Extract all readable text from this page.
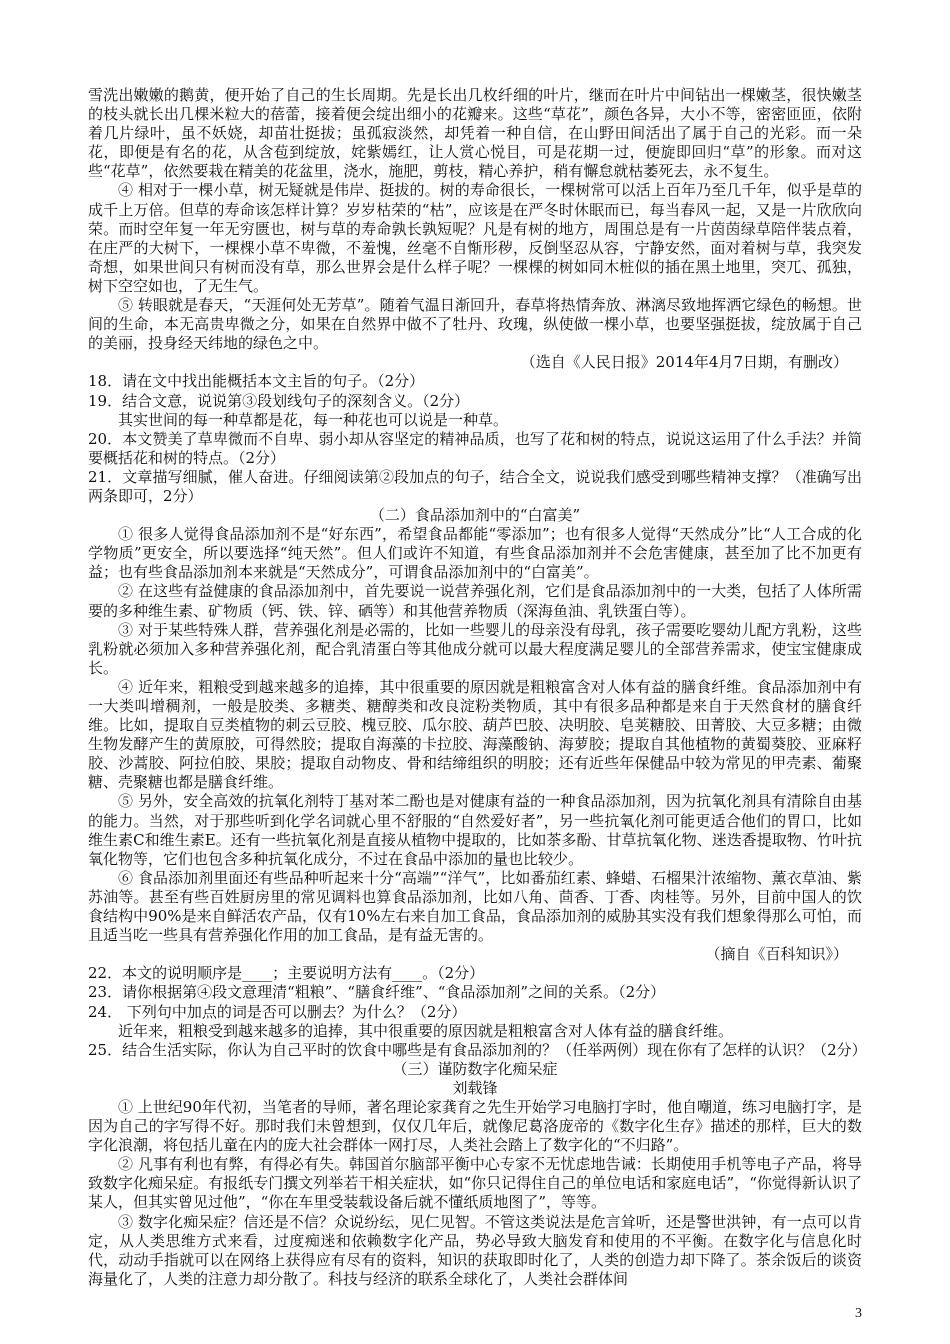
雪洗出嫩嫩的鹅黄，便开始了自己的生长周期。先是长出几枚纤细的叶片，继而在叶片中间钻出一棵嫩茎，很快嫩茎的枝头就长出几棵米粒大的蓓蕾，接着便会绽出细小的花瓣来。这些“草花”，颜色各异，大小不等，密密匝匝，依附着几片绿叶，虽不妖娆，却苗壮挺拔；虽孤寂淡然，却凭着一种自信，在山野田间活出了属于自己的光彩。而一朵花，即便是有名的花，从含苞到绽放，姹紫嫣红，让人赏心悦目，可是花期一过，便旋即回归“草”的形象。而对这些“花草”，依然要栽在精美的花盆里，浇水，施肥，剪枝，精心养护，稍有懈怠就枯萎死去，永不复生。

④ 相对于一棵小草，树无疑就是伟岸、挺拔的。树的寿命很长，一棵树常可以活上百年乃至几千年，似乎是草的成千上万倍。但草的寿命该怎样计算？岁岁枯荣的“枯”，应该是在严冬时休眠而已，每当春风一起，又是一片欣欣向荣。而时空年复一年无穷匮也，树与草的寿命孰长孰短呢？凡是有树的地方，周围总是有一片茵茵绿草陪伴装点着，在庄严的大树下，一棵棵小草不卑微，不羞愧，丝毫不自惭形秽，反倒坚忍从容，宁静安然，面对着树与草，我突发奇想，如果世间只有树而没有草，那么世界会是什么样子呢？一棵棵的树如同木桩似的插在黑土地里，突兀、孤独，树下空空如也，了无生气。

⑤ 转眼就是春天，“天涯何处无芳草”。随着气温日渐回升，春草将热情奔放、淋漓尽致地挥洒它绿色的畅想。世间的生命，本无高贵卑微之分，如果在自然界中做不了牡丹、玫瑰，纵使做一棵小草，也要坚强挺拔，绽放属于自己的美丽，投身经天纬地的绿色之中。

（选自《人民日报》2014年4月7日期，有删改）

18．请在文中找出能概括本文主旨的句子。（2分）

19．结合文意，说说第③段划线句子的深刻含义。（2分）

其实世间的每一种草都是花，每一种花也可以说是一种草。

20．本文赞美了草卑微而不自卑、弱小却从容坚定的精神品质，也写了花和树的特点，说说这运用了什么手法？并简要概括花和树的特点。（2分）

21．文章描写细腻，催人奋进。仔细阅读第②段加点的句子，结合全文，说说我们感受到哪些精神支撑？（准确写出两条即可，2分）

（二）食品添加剂中的“白富美”

① 很多人觉得食品添加剂不是“好东西”，希望食品都能“零添加”；也有很多人觉得“天然成分”比“人工合成的化学物质”更安全，所以要选择“纯天然”。但人们或许不知道，有些食品添加剂并不会危害健康，甚至加了比不加更有益；也有些食品添加剂本来就是“天然成分”，可谓食品添加剂中的“白富美”。

② 在这些有益健康的食品添加剂中，首先要说一说营养强化剂，它们是食品添加剂中的一大类，包括了人体所需要的多种维生素、矿物质（钙、铁、锌、硒等）和其他营养物质（深海鱼油、乳铁蛋白等）。

③ 对于某些特殊人群，营养强化剂是必需的，比如一些婴儿的母亲没有母乳，孩子需要吃婴幼儿配方乳粉，这些乳粉就必须加入多种营养强化剂，配合乳清蛋白等其他成分就可以最大程度满足婴儿的全部营养需求，使宝宝健康成长。

④ 近年来，粗粮受到越来越多的追捧，其中很重要的原因就是粗粮富含对人体有益的膳食纤维。食品添加剂中有一大类叫增稠剂，一般是胶类、多糖类、糖醇类和改良淀粉类物质，其中有很多品种都是来自于天然食材的膳食纤维。比如，提取自豆类植物的刺云豆胶、槐豆胶、瓜尔胶、葫芦巴胶、决明胶、皂荚糖胶、田菁胶、大豆多糖；由微生物发酵产生的黄原胶，可得然胶；提取自海藻的卡拉胶、海藻酸钠、海萝胶；提取自其他植物的黄蜀葵胶、亚麻籽胶、沙蒿胶、阿拉伯胶、果胶；提取自动物皮、骨和结缔组织的明胶；还有近些年保健品中较为常见的甲壳素、葡聚糖、壳聚糖也都是膳食纤维。

⑤ 另外，安全高效的抗氧化剂特丁基对苯二酚也是对健康有益的一种食品添加剂，因为抗氧化剂具有清除自由基的能力。当然，对于那些听到化学名词就心里不舒服的“自然爱好者”，另一些抗氧化剂可能更适合他们的胃口，比如维生素C和维生素E。还有一些抗氧化剂是直接从植物中提取的，比如茶多酚、甘草抗氧化物、迷迭香提取物、竹叶抗氧化物等，它们也包含多种抗氧化成分，不过在食品中添加的量也比较少。

⑥ 食品添加剂里面还有些品种听起来十分“高端”“洋气”，比如番茄红素、蜂蜡、石榴果汁浓缩物、薰衣草油、紫苏油等。甚至有些百姓厨房里的常见调料也算食品添加剂，比如八角、茴香、丁香、肉桂等。另外，目前中国人的饮食结构中90%是来自鲜活农产品，仅有10%左右来自加工食品，食品添加剂的威胁其实没有我们想象得那么可怕，而且适当吃一些具有营养强化作用的加工食品，是有益无害的。

（摘自《百科知识》）

22．本文的说明顺序是____；主要说明方法有____。（2分）

23．请你根据第④段文意理清“粗粮”、“膳食纤维”、“食品添加剂”之间的关系。（2分）

24． 下列句中加点的词是否可以删去？为什么？（2分）

近年来，粗粮受到越来越多的追捧，其中很重要的原因就是粗粮富含对人体有益的膳食纤维。

25．结合生活实际，你认为自己平时的饮食中哪些是有食品添加剂的？（任举两例）现在你有了怎样的认识？（2分）

（三）谨防数字化痴呆症

刘载锋

① 上世纪90年代初，当笔者的导师，著名理论家龚育之先生开始学习电脑打字时，他自嘲道，练习电脑打字，是因为自己的字写得不好。那时我们未曾想到，仅仅几年后，就像尼葛洛庞帝的《数字化生存》描述的那样，巨大的数字化浪潮，将包括儿童在内的庞大社会群体一网打尽，人类社会踏上了数字化的“不归路”。

② 凡事有利也有弊，有得必有失。韩国首尔脑部平衡中心专家不无忧虑地告诫：长期使用手机等电子产品，将导致数字化痴呆症。有报纸专门撰文列举若干相关症状，如“你只记得住自己的单位电话和家庭电话”，“你觉得新认识了某人，但其实曾见过他”，“你在车里受装载设备后就不懂纸质地图了”，等等。

③ 数字化痴呆症？信还是不信？众说纷纭，见仁见智。不管这类说法是危言耸听，还是警世洪钟，有一点可以肯定，从人类思维方式来看，过度痴迷和依赖数字化产品，势必导致大脑发育和使用的不平衡。在数字化与信息化时代，动动手指就可以在网络上获得应有尽有的资料，知识的获取即时化了，人类的创造力却下降了。茶余饭后的谈资海量化了，人类的注意力却分散了。科技与经济的联系全球化了，人类社会群体间

3
